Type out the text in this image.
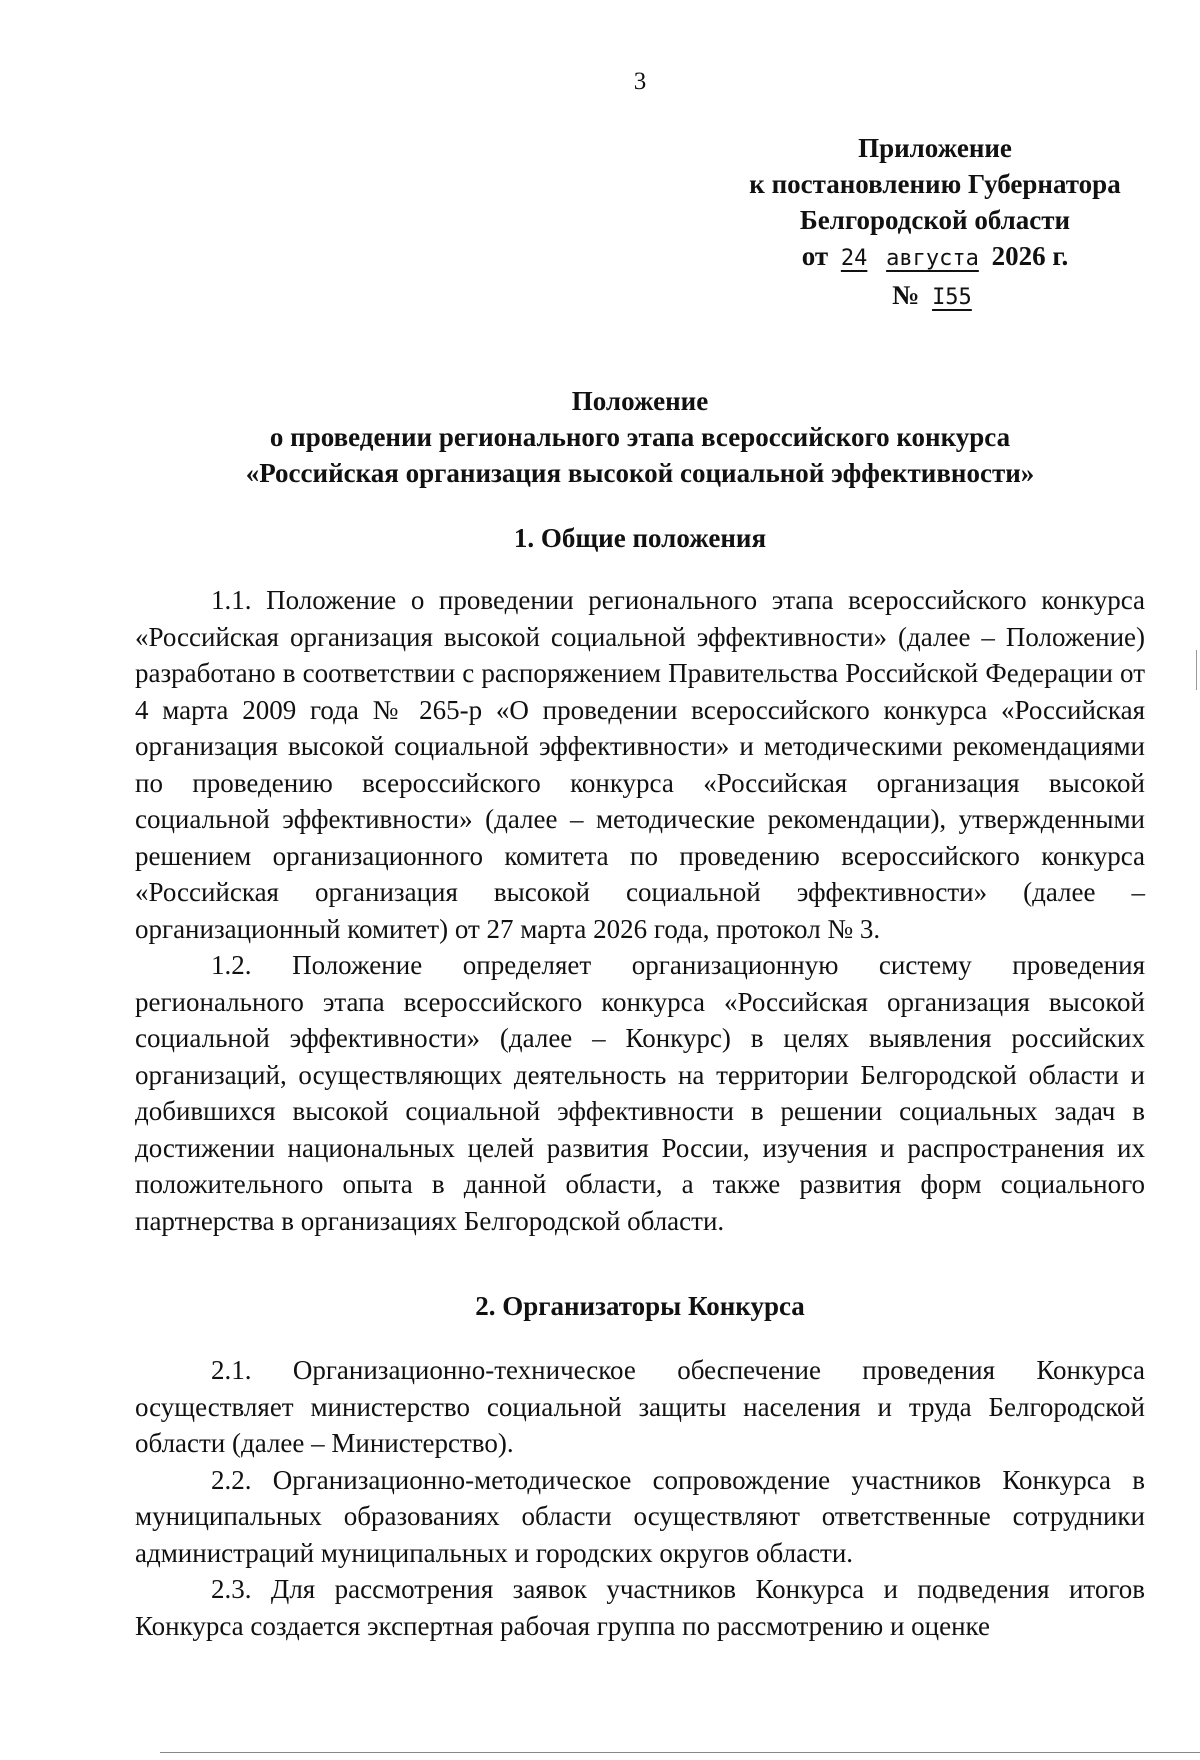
3
Приложение
к постановлению Губернатора
Белгородской области
от 24 августа 2026 г.
№ I55
Положение
о проведении регионального этапа всероссийского конкурса
«Российская организация высокой социальной эффективности»
1. Общие положения

1.1. Положение о проведении регионального этапа всероссийского конкурса «Российская организация высокой социальной эффективности» (далее – Положение) разработано в соответствии с распоряжением Правительства Российской Федерации от 4 марта 2009 года № 265-р «О проведении всероссийского конкурса «Российская организация высокой социальной эффективности» и методическими рекомендациями по проведению всероссийского конкурса «Российская организация высокой социальной эффективности» (далее – методические рекомендации), утвержденными решением организационного комитета по проведению всероссийского конкурса «Российская организация высокой социальной эффективности» (далее – организационный комитет) от 27 марта 2026 года, протокол № 3.

1.2. Положение определяет организационную систему проведения регионального этапа всероссийского конкурса «Российская организация высокой социальной эффективности» (далее – Конкурс) в целях выявления российских организаций, осуществляющих деятельность на территории Белгородской области и добившихся высокой социальной эффективности в решении социальных задач в достижении национальных целей развития России, изучения и распространения их положительного опыта в данной области, а также развития форм социального партнерства в организациях Белгородской области.

2. Организаторы Конкурса

2.1. Организационно-техническое обеспечение проведения Конкурса осуществляет министерство социальной защиты населения и труда Белгородской области (далее – Министерство).

2.2. Организационно-методическое сопровождение участников Конкурса в муниципальных образованиях области осуществляют ответственные сотрудники администраций муниципальных и городских округов области.

2.3. Для рассмотрения заявок участников Конкурса и подведения итогов Конкурса создается экспертная рабочая группа по рассмотрению и оценке
